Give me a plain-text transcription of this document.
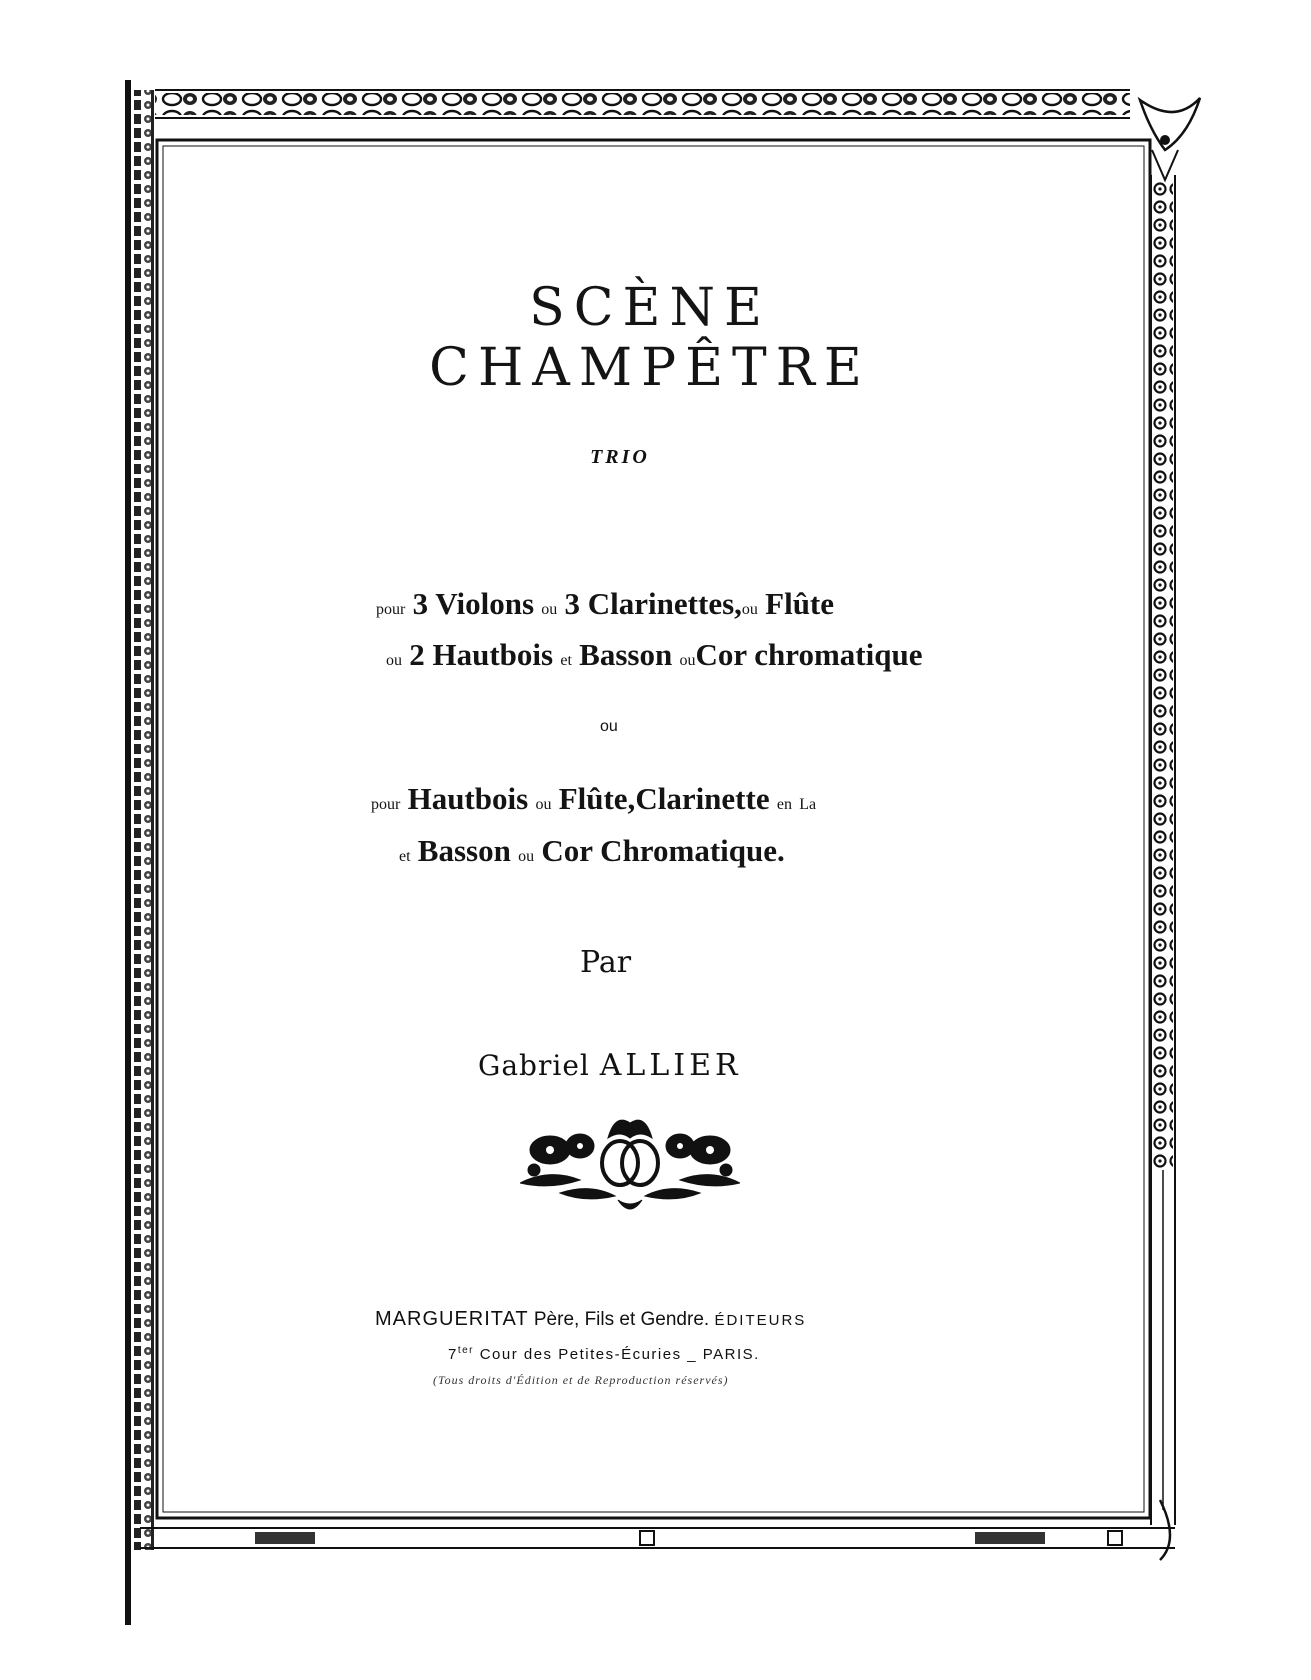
SCÈNE CHAMPÊTRE
TRIO
pour 3 Violons ou 3 Clarinettes,ou Flûte
ou 2 Hautbois et Basson ouCor chromatique
ou
pour Hautbois ou Flûte,Clarinette en La
et Basson ou Cor Chromatique.
Par
Gabriel ALLIER
MARGUERITAT Père, Fils et Gendre. ÉDITEURS
$7^{ter}$ Cour des Petites-Écuries _ PARIS.
(Tous droits d'Édition et de Reproduction réservés)
